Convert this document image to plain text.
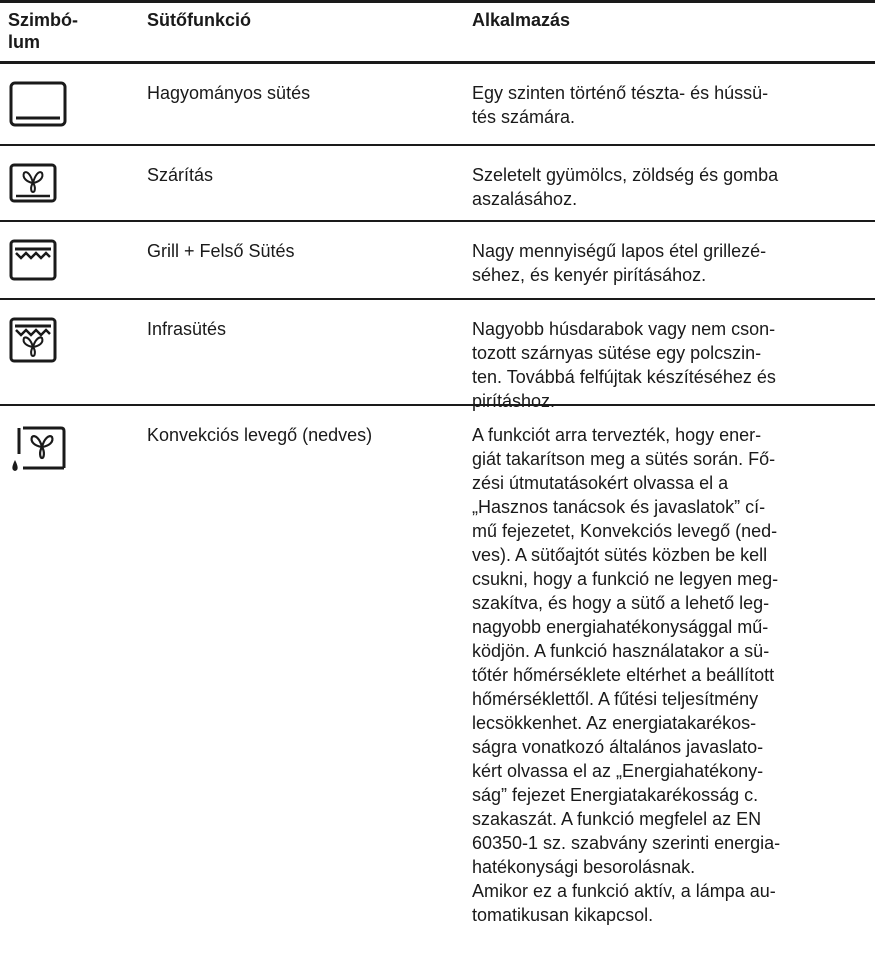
Szimbó-
lum
Sütőfunkció	Alkalmazás
Hagyományos sütés	Egy szinten történő tészta- és hússü-
tés számára.
Szárítás	Szeletelt gyümölcs, zöldség és gomba
aszalásához.
Grill + Felső Sütés	Nagy mennyiségű lapos étel grillezé-
séhez, és kenyér pirításához.
Infrasütés	Nagyobb húsdarabok vagy nem cson-
tozott szárnyas sütése egy polcszin-
ten. Továbbá felfújtak készítéséhez és
pirításhoz.
Konvekciós levegő (nedves)	A funkciót arra tervezték, hogy ener-
giát takarítson meg a sütés során. Fő-
zési útmutatásokért olvassa el a
„Hasznos tanácsok és javaslatok” cí-
mű fejezetet, Konvekciós levegő (ned-
ves). A sütőajtót sütés közben be kell
csukni, hogy a funkció ne legyen meg-
szakítva, és hogy a sütő a lehető leg-
nagyobb energiahatékonysággal mű-
ködjön. A funkció használatakor a sü-
tőtér hőmérséklete eltérhet a beállított
hőmérséklettől. A fűtési teljesítmény
lecsökkenhet. Az energiatakarékos-
ságra vonatkozó általános javaslato-
kért olvassa el az „Energiahatékony-
ság” fejezet Energiatakarékosság c.
szakaszát. A funkció megfelel az EN
60350-1 sz. szabvány szerinti energia-
hatékonysági besorolásnak.
Amikor ez a funkció aktív, a lámpa au-
tomatikusan kikapcsol.
